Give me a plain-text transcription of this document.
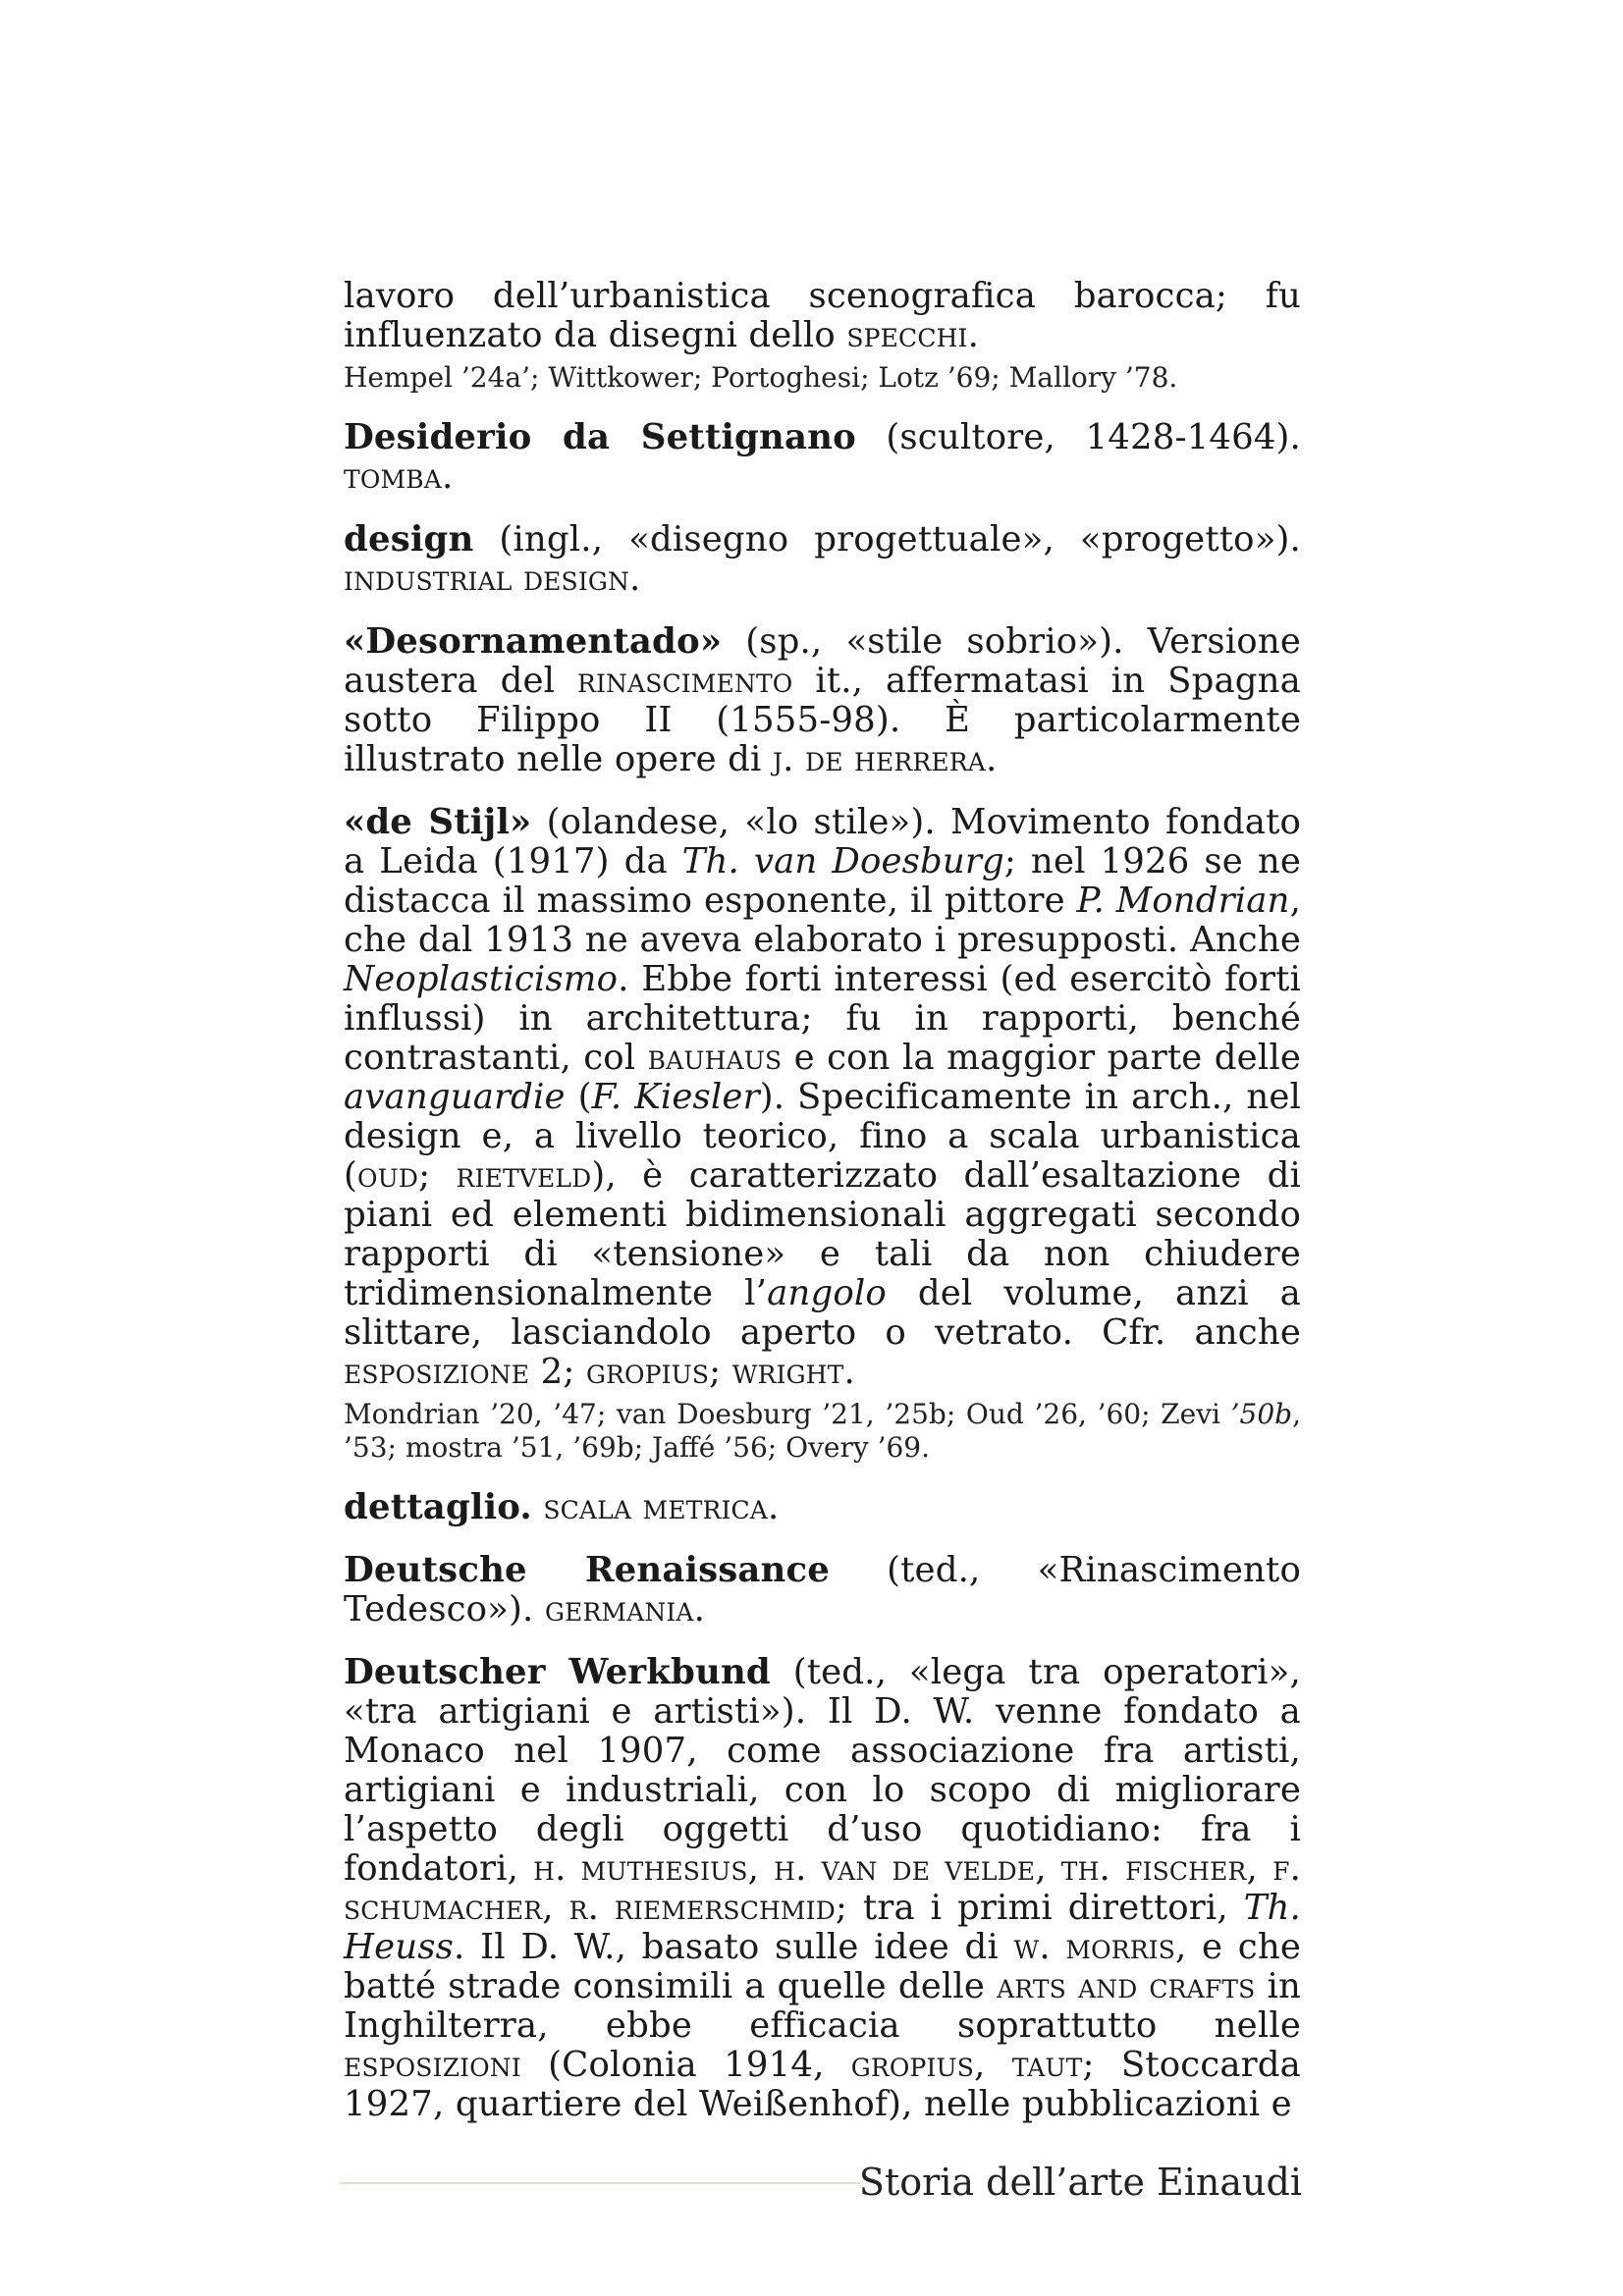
lavoro dell’urbanistica scenografica barocca; fu influenzato da disegni dello specchi.

Hempel ’24a’; Wittkower; Portoghesi; Lotz ’69; Mallory ’78.

Desiderio da Settignano (scultore, 1428-1464). tomba.

design (ingl., «disegno progettuale», «progetto»). industrial design.

«Desornamentado» (sp., «stile sobrio»). Versione austera del rinascimento it., affermatasi in Spagna sotto Filippo II (1555-98). È particolarmente illustrato nelle opere di j. de herrera.

«de Stijl» (olandese, «lo stile»). Movimento fondato a Leida (1917) da Th. van Doesburg; nel 1926 se ne distacca il massimo esponente, il pittore P. Mondrian, che dal 1913 ne aveva elaborato i presupposti. Anche Neoplasticismo. Ebbe forti interessi (ed esercitò forti influssi) in architettura; fu in rapporti, benché contrastanti, col bauhaus e con la maggior parte delle avanguardie (F. Kiesler). Specificamente in arch., nel design e, a livello teorico, fino a scala urbanistica (oud; rietveld), è caratterizzato dall’esaltazione di piani ed elementi bidimensionali aggregati secondo rapporti di «tensione» e tali da non chiudere tridimensionalmente l’angolo del volume, anzi a slittare, lasciandolo aperto o vetrato. Cfr. anche esposizione 2; gropius; wright.

Mondrian ’20, ’47; van Doesburg ’21, ’25b; Oud ’26, ’60; Zevi ’50b, ’53; mostra ’51, ’69b; Jaffé ’56; Overy ’69.

dettaglio. scala metrica.

Deutsche Renaissance (ted., «Rinascimento Tedesco»). germania.

Deutscher Werkbund (ted., «lega tra operatori», «tra artigiani e artisti»). Il D. W. venne fondato a Monaco nel 1907, come associazione fra artisti, artigiani e industriali, con lo scopo di migliorare l’aspetto degli oggetti d’uso quotidiano: fra i fondatori, h. muthesius, h. van de velde, th. fischer, f. schumacher, r. riemerschmid; tra i primi direttori, Th. Heuss. Il D. W., basato sulle idee di w. morris, e che batté strade consimili a quelle delle arts and crafts in Inghilterra, ebbe efficacia soprattutto nelle esposizioni (Colonia 1914, gropius, taut; Stoccarda 1927, quartiere del Weißenhof), nelle pubblicazioni e

Storia dell’arte Einaudi
